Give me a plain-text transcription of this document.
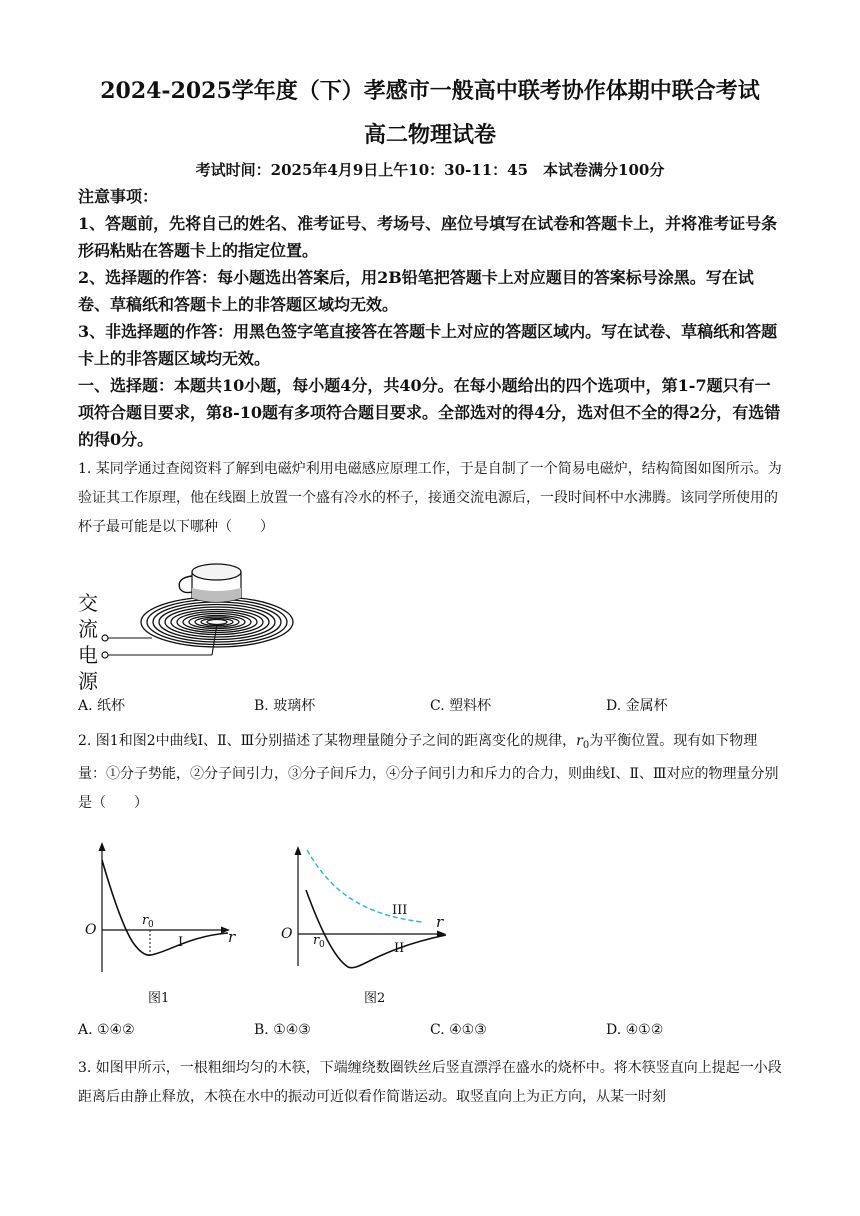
2024-2025学年度（下）孝感市一般高中联考协作体期中联合考试
高二物理试卷
考试时间：2025年4月9日上午10：30-11：45　本试卷满分100分
注意事项：
1、答题前，先将自己的姓名、准考证号、考场号、座位号填写在试卷和答题卡上，并将准考证号条形码粘贴在答题卡上的指定位置。
2、选择题的作答：每小题选出答案后，用2B铅笔把答题卡上对应题目的答案标号涂黑。写在试卷、草稿纸和答题卡上的非答题区域均无效。
3、非选择题的作答：用黑色签字笔直接答在答题卡上对应的答题区域内。写在试卷、草稿纸和答题卡上的非答题区域均无效。
一、选择题：本题共10小题，每小题4分，共40分。在每小题给出的四个选项中，第1-7题只有一项符合题目要求，第8-10题有多项符合题目要求。全部选对的得4分，选对但不全的得2分，有选错的得0分。
1. 某同学通过查阅资料了解到电磁炉利用电磁感应原理工作，于是自制了一个简易电磁炉，结构简图如图所示。为验证其工作原理，他在线圈上放置一个盛有冷水的杯子，接通交流电源后，一段时间杯中水沸腾。该同学所使用的杯子最可能是以下哪种（　　）
交
流
电
源
A. 纸杯	B. 玻璃杯	C. 塑料杯	D. 金属杯
2. 图1和图2中曲线Ⅰ、Ⅱ、Ⅲ分别描述了某物理量随分子之间的距离变化的规律，$r_0$为平衡位置。现有如下物理量：①分子势能，②分子间引力，③分子间斥力，④分子间引力和斥力的合力，则曲线Ⅰ、Ⅱ、Ⅲ对应的物理量分别是（　　）
O	r
r 0
I
图1
O
r
r 0
III
II
图2
A. ①④②	B. ①④③	C. ④①③	D. ④①②
3. 如图甲所示，一根粗细均匀的木筷，下端缠绕数圈铁丝后竖直漂浮在盛水的烧杯中。将木筷竖直向上提起一小段距离后由静止释放，木筷在水中的振动可近似看作简谐运动。取竖直向上为正方向，从某一时刻
